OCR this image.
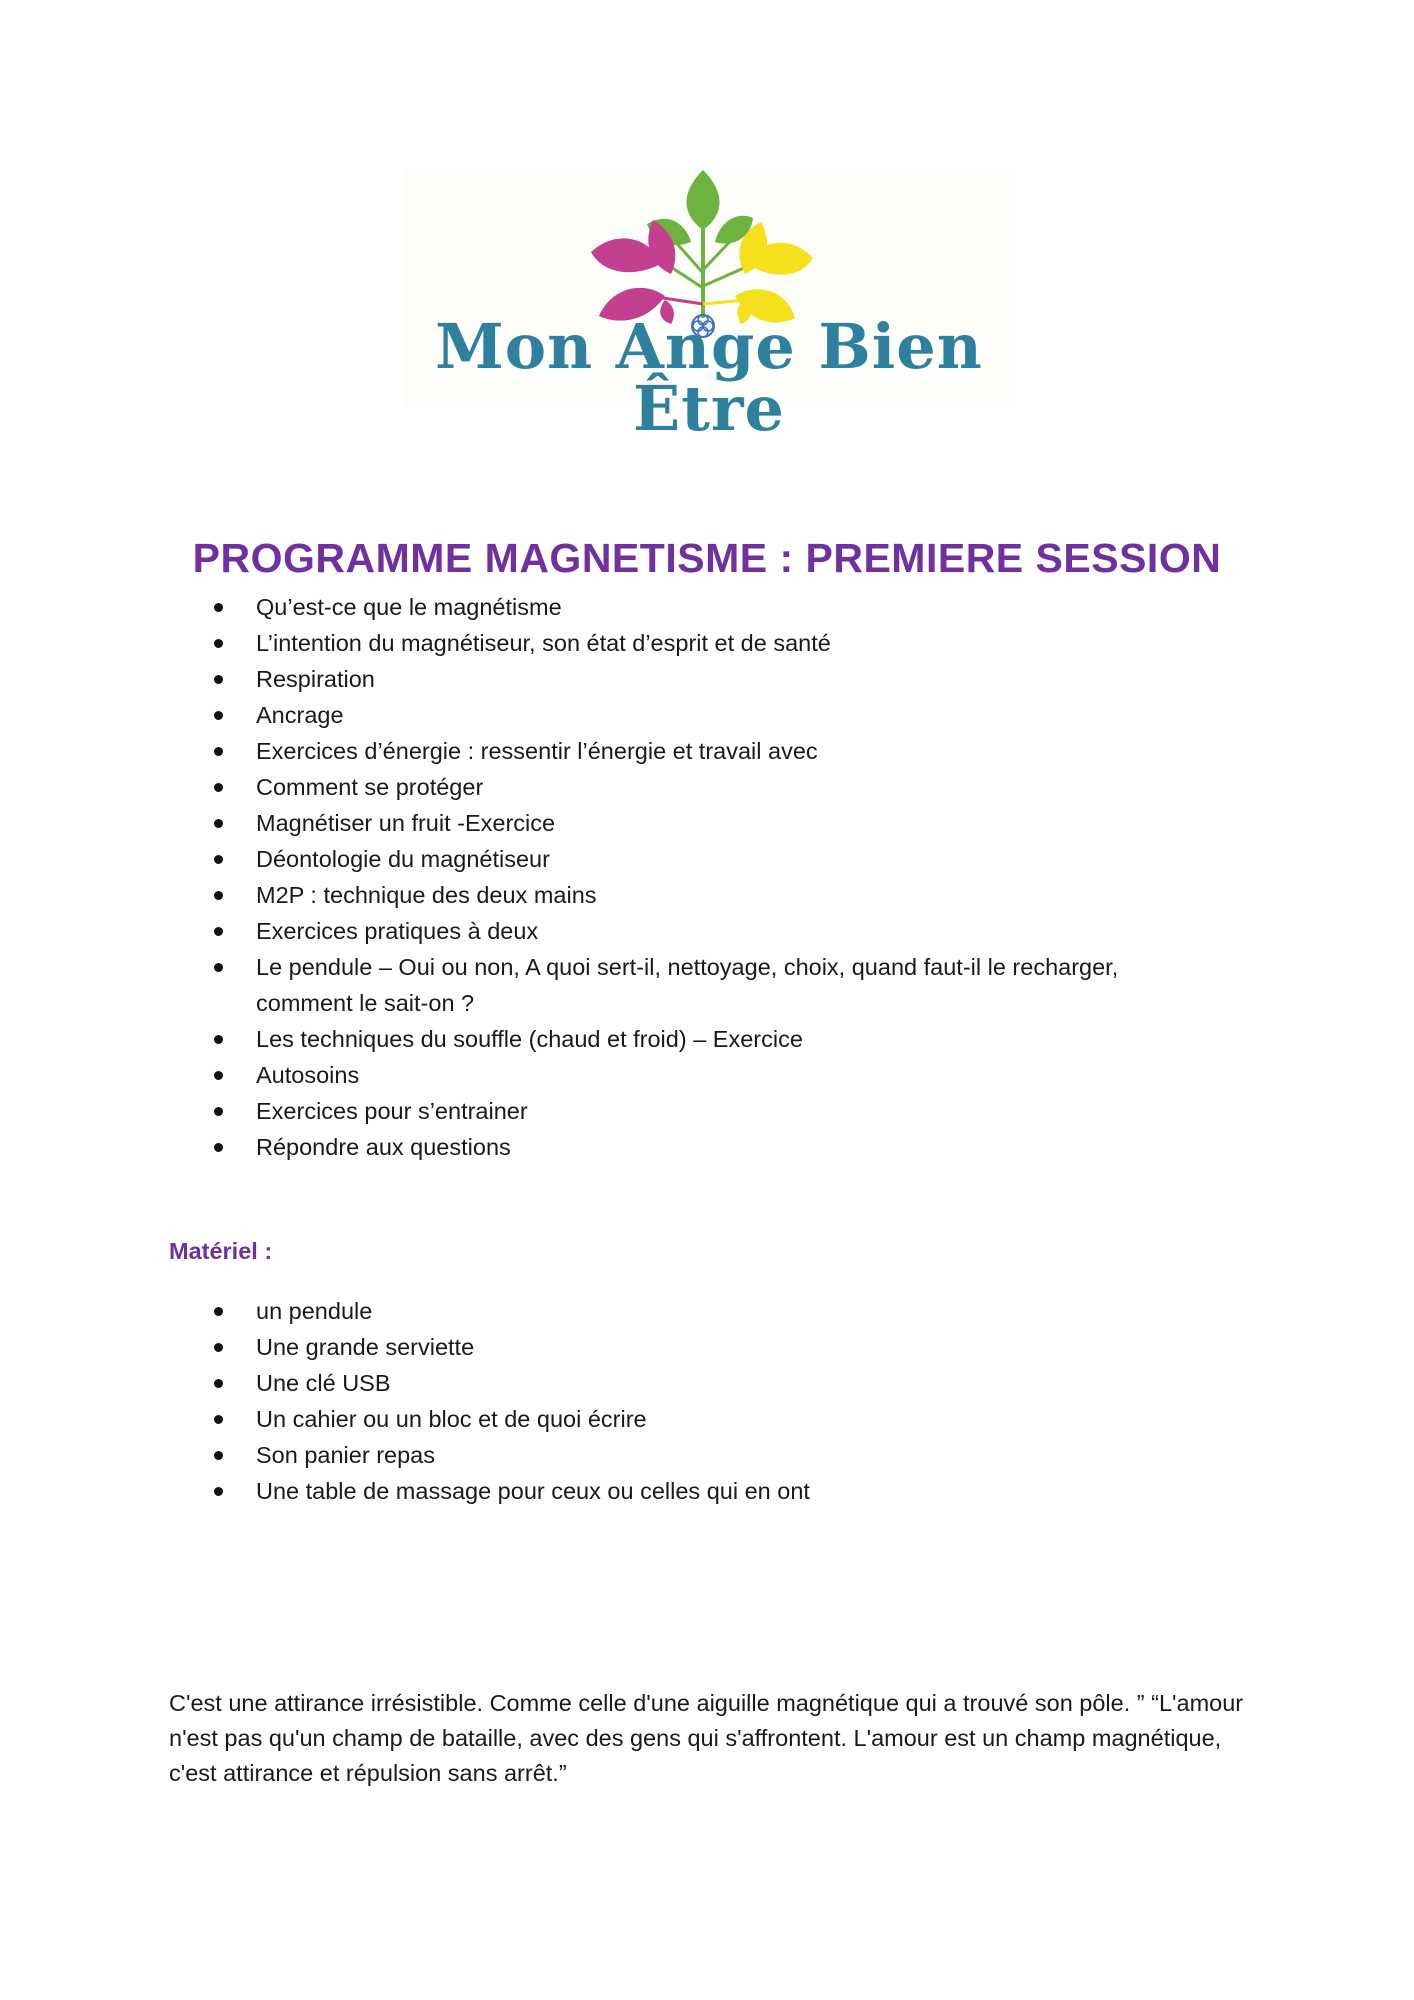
Mon Ange Bien Être
PROGRAMME MAGNETISME : PREMIERE SESSION
Qu’est-ce que le magnétisme
L’intention du magnétiseur, son état d’esprit et de santé
Respiration
Ancrage
Exercices d’énergie : ressentir l’énergie et travail avec
Comment se protéger
Magnétiser un fruit -Exercice
Déontologie du magnétiseur
M2P : technique des deux mains
Exercices pratiques à deux
Le pendule – Oui ou non, A quoi sert-il, nettoyage, choix, quand faut-il le recharger, comment le sait-on ?
Les techniques du souffle (chaud et froid) – Exercice
Autosoins
Exercices pour s’entrainer
Répondre aux questions
Matériel :
un pendule
Une grande serviette
Une clé USB
Un cahier ou un bloc et de quoi écrire
Son panier repas
Une table de massage pour ceux ou celles qui en ont

C'est une attirance irrésistible. Comme celle d'une aiguille magnétique qui a trouvé son pôle. ” “L'amour n'est pas qu'un champ de bataille, avec des gens qui s'affrontent. L'amour est un champ magnétique, c'est attirance et répulsion sans arrêt.”
